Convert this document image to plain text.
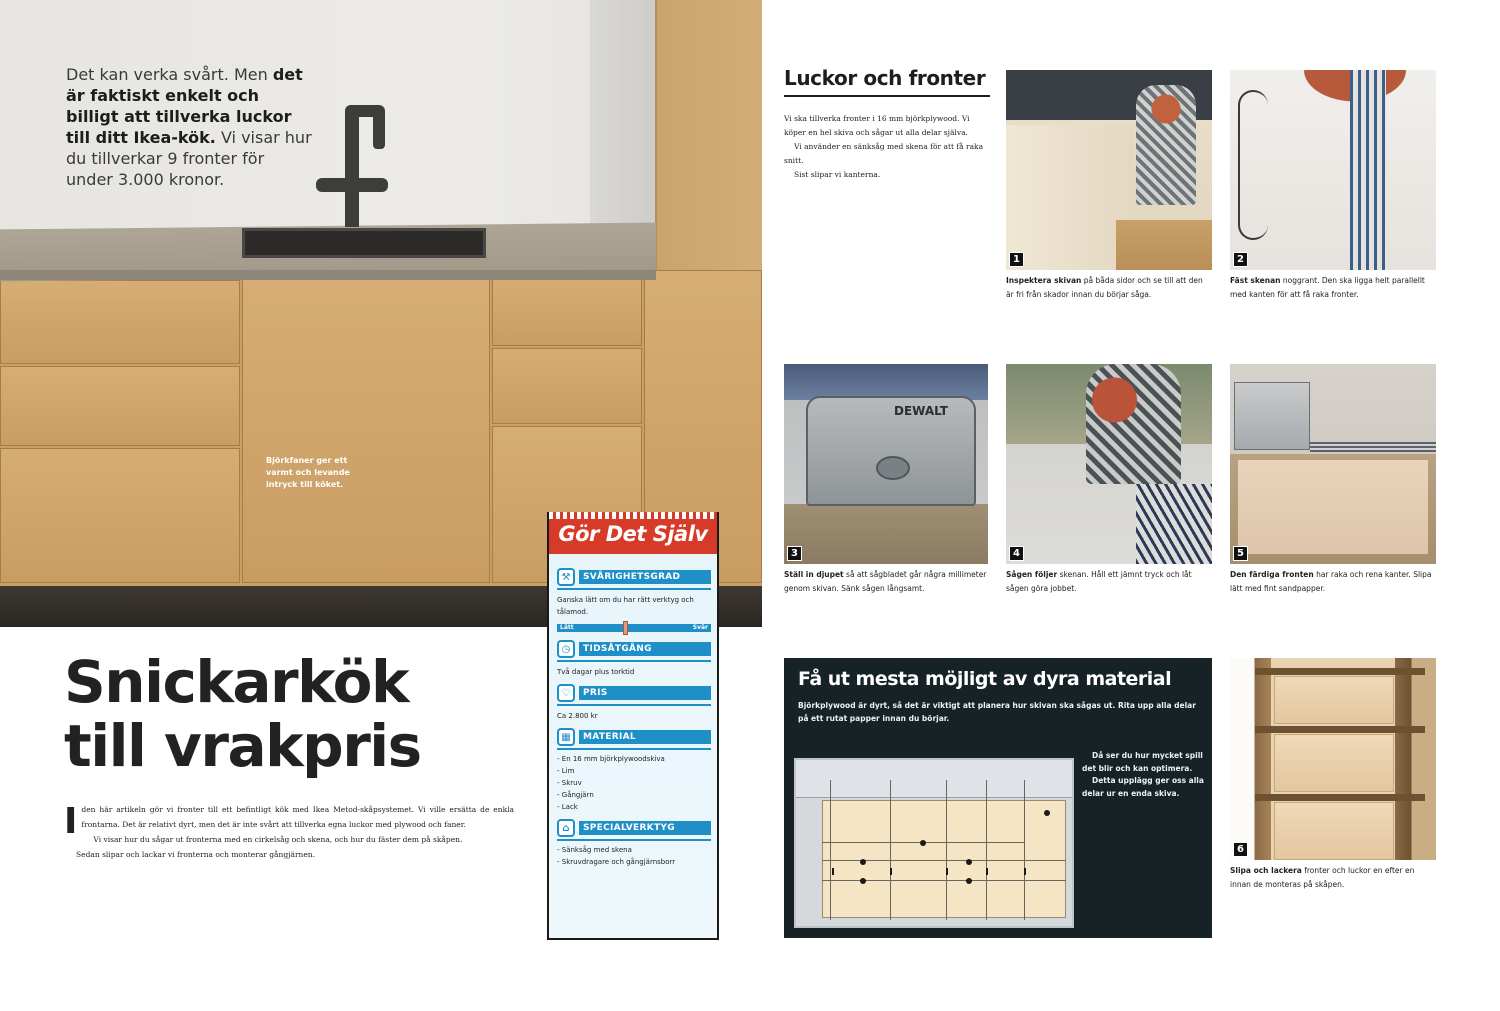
Det kan verka svårt. Men det är faktiskt enkelt och billigt att tillverka luckor till ditt Ikea-kök. Vi visar hur du tillverkar 9 fronter för under 3.000 kronor.
Björkfaner ger ett varmt och levande intryck till köket.
Snickarkök
till vrakpris

Iden här artikeln gör vi fronter till ett befintligt kök med Ikea Metod-skåpsystemet. Vi ville ersätta de enkla frontarna. Det är relativt dyrt, men det är inte svårt att tillverka egna luckor med plywood och faner.

Vi visar hur du sågar ut fronterna med en cirkelsåg och skena, och hur du fäster dem på skåpen.

Sedan slipar och lackar vi fronterna och monterar gångjärnen.

Gör Det Själv
⚒	SVÅRIGHETSGRAD
Ganska lätt om du har rätt verktyg och tålamod.
Lätt	Svår
◷	TIDSÅTGÅNG
Två dagar plus torktid
♡	PRIS
Ca 2.800 kr
▦	MATERIAL
- En 16 mm björkplywoodskiva
- Lim
- Skruv
- Gångjärn
- Lack
⌂	SPECIALVERKTYG
- Sänksåg med skena
- Skruvdragare och gångjärnsborr
Luckor och fronter

Vi ska tillverka fronter i 16 mm björkplywood. Vi köper en hel skiva och sågar ut alla delar själva.

Vi använder en sänksåg med skena för att få raka snitt.

Sist slipar vi kanterna.

1
Inspektera skivan på båda sidor och se till att den är fri från skador innan du börjar såga.
2
Fäst skenan noggrant. Den ska ligga helt parallellt med kanten för att få raka fronter.
DEWALT
3
Ställ in djupet så att sågbladet går några millimeter genom skivan. Sänk sågen långsamt.
4
Sågen följer skenan. Håll ett jämnt tryck och låt sågen göra jobbet.
5
Den färdiga fronten har raka och rena kanter. Slipa lätt med fint sandpapper.
6
Slipa och lackera fronter och luckor en efter en innan de monteras på skåpen.
Få ut mesta möjligt av dyra material
Björkplywood är dyrt, så det är viktigt att planera hur skivan ska sågas ut. Rita upp alla delar på ett rutat papper innan du börjar.

Då ser du hur mycket spill det blir och kan optimera.

Detta upplägg ger oss alla delar ur en enda skiva.
